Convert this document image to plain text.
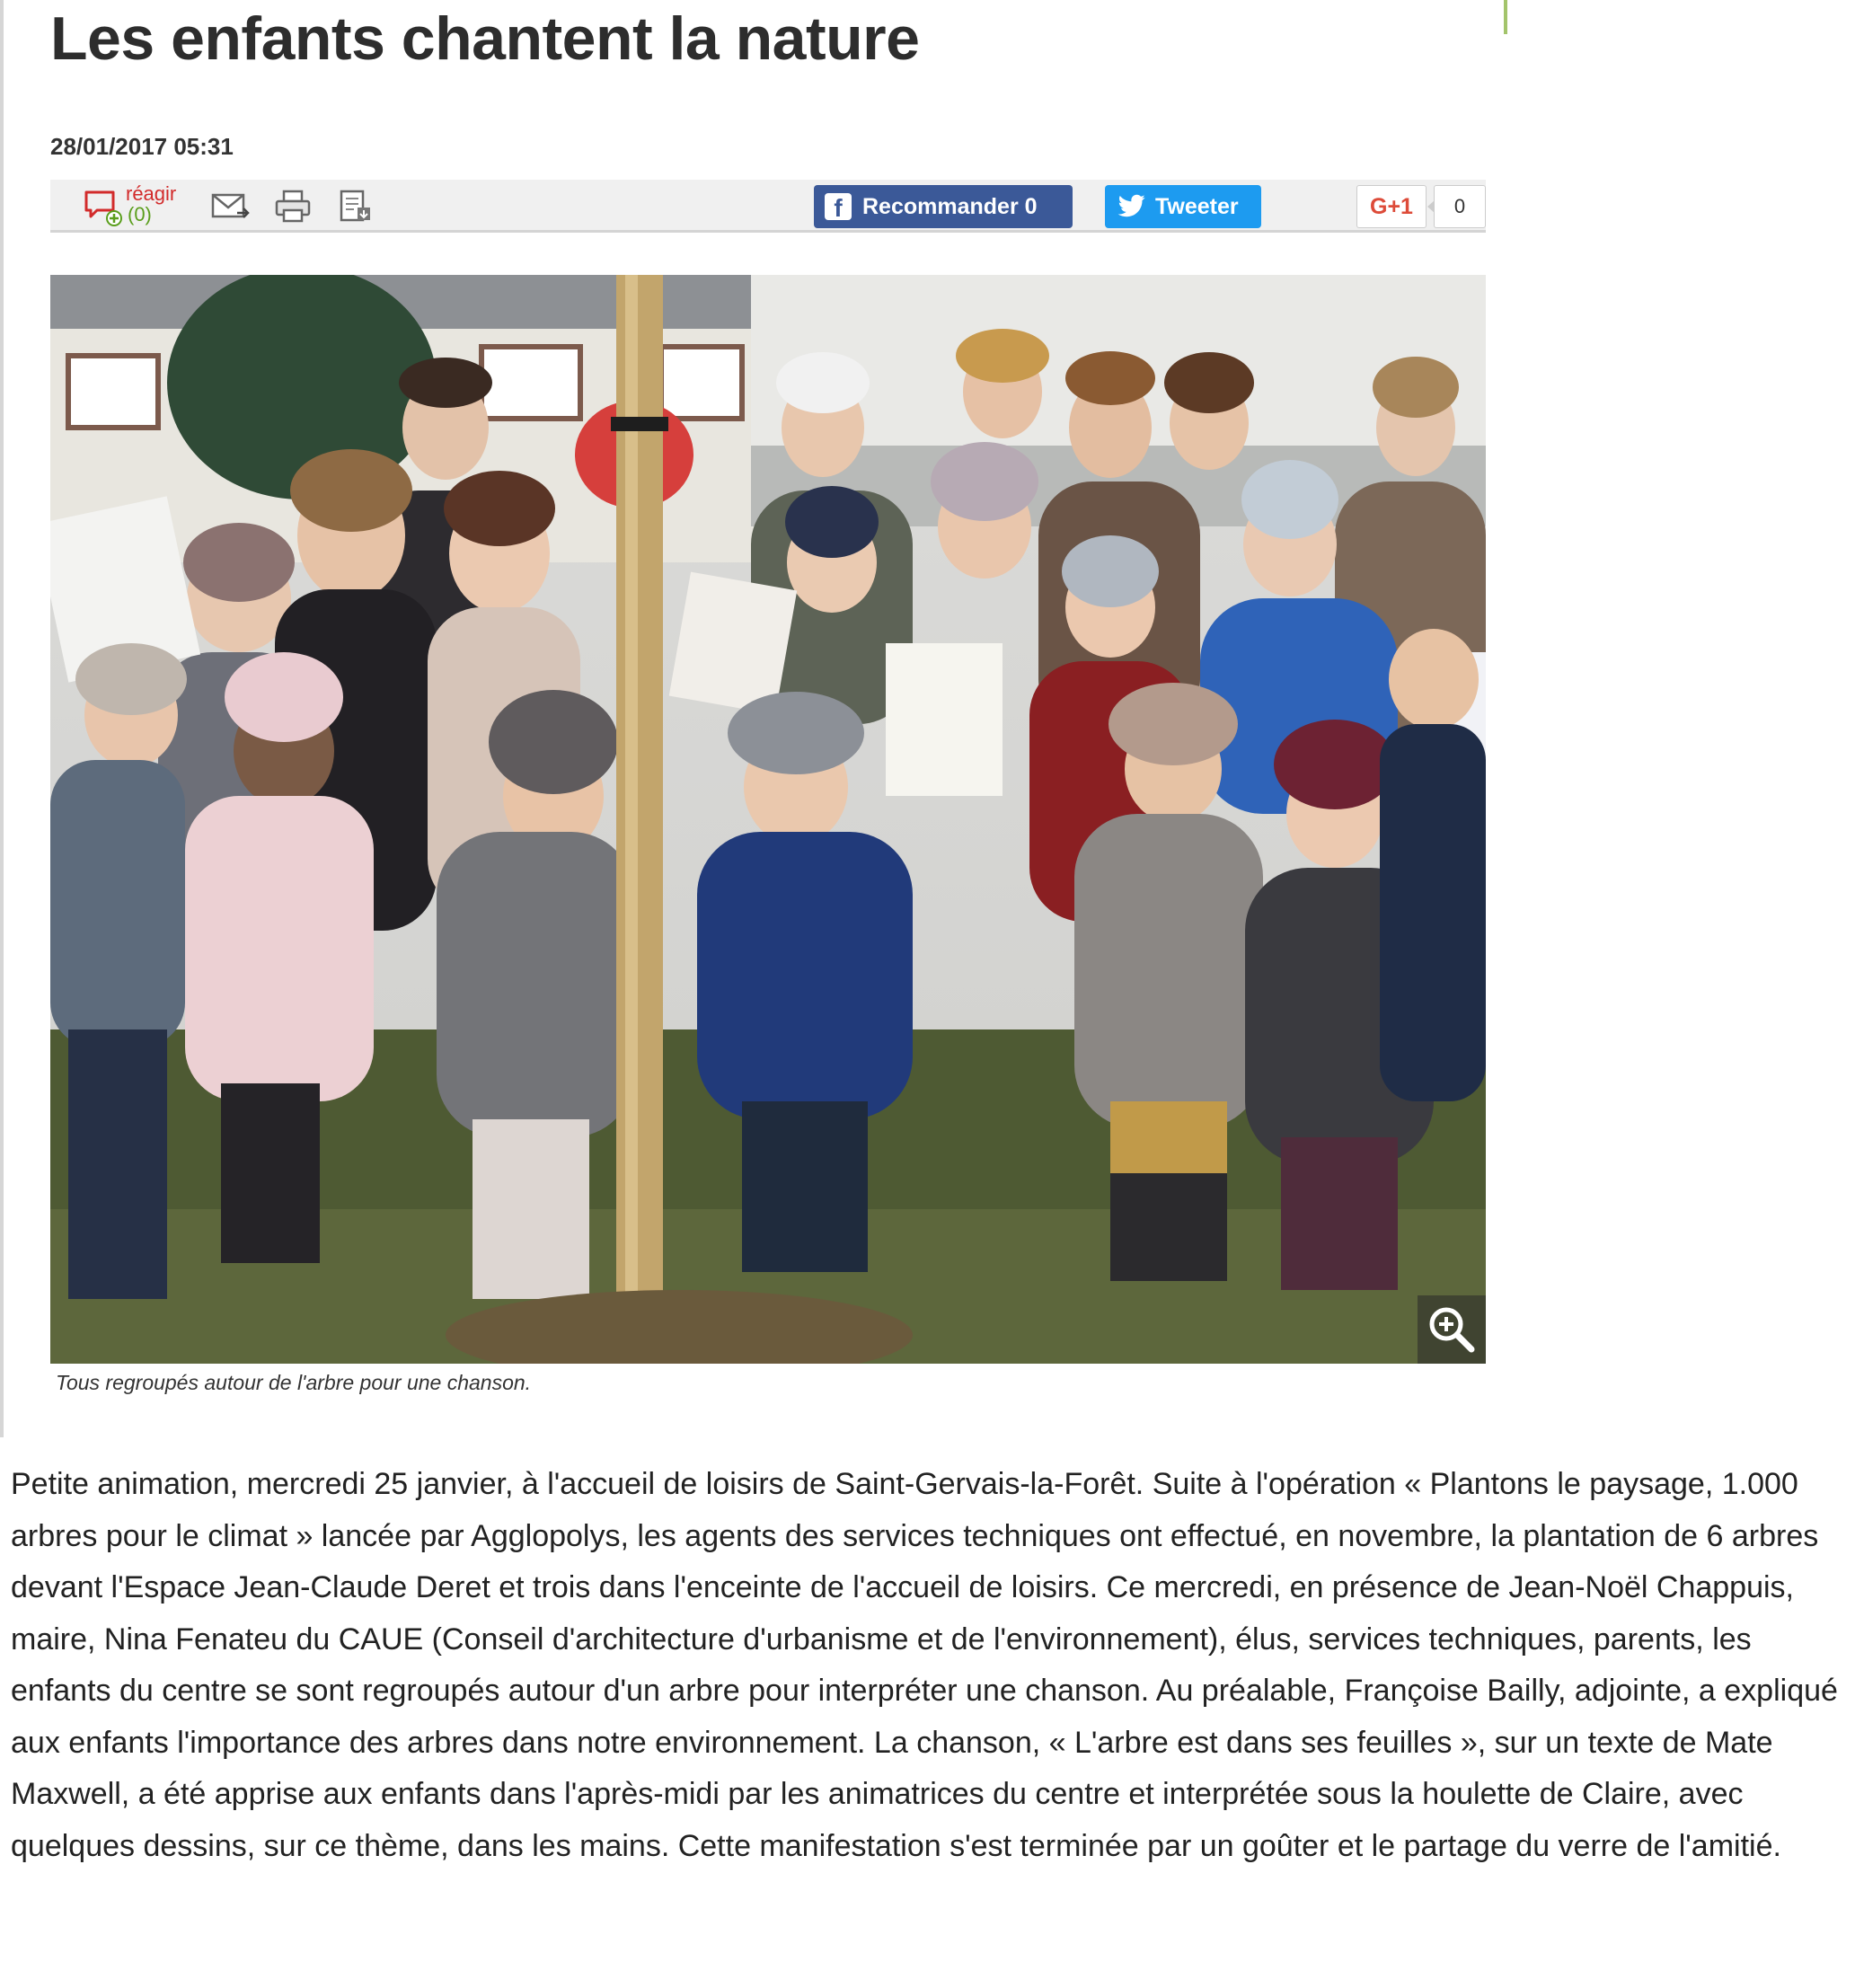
Les enfants chantent la nature
28/01/2017 05:31
réagir
(0)	f Recommander 0	Tweeter	G+1	0
Tous regroupés autour de l'arbre pour une chanson.

Petite animation, mercredi 25 janvier, à l'accueil de loisirs de Saint-Gervais-la-Forêt. Suite à l'opération « Plantons le paysage, 1.000 arbres pour le climat » lancée par Agglopolys, les agents des services techniques ont effectué, en novembre, la plantation de 6 arbres devant l'Espace Jean-Claude Deret et trois dans l'enceinte de l'accueil de loisirs. Ce mercredi, en présence de Jean-Noël Chappuis, maire, Nina Fenateu du CAUE (Conseil d'architecture d'urbanisme et de l'environnement), élus, services techniques, parents, les enfants du centre se sont regroupés autour d'un arbre pour interpréter une chanson. Au préalable, Françoise Bailly, adjointe, a expliqué aux enfants l'importance des arbres dans notre environnement. La chanson, « L'arbre est dans ses feuilles », sur un texte de Mate Maxwell, a été apprise aux enfants dans l'après-midi par les animatrices du centre et interprétée sous la houlette de Claire, avec quelques dessins, sur ce thème, dans les mains. Cette manifestation s'est terminée par un goûter et le partage du verre de l'amitié.
